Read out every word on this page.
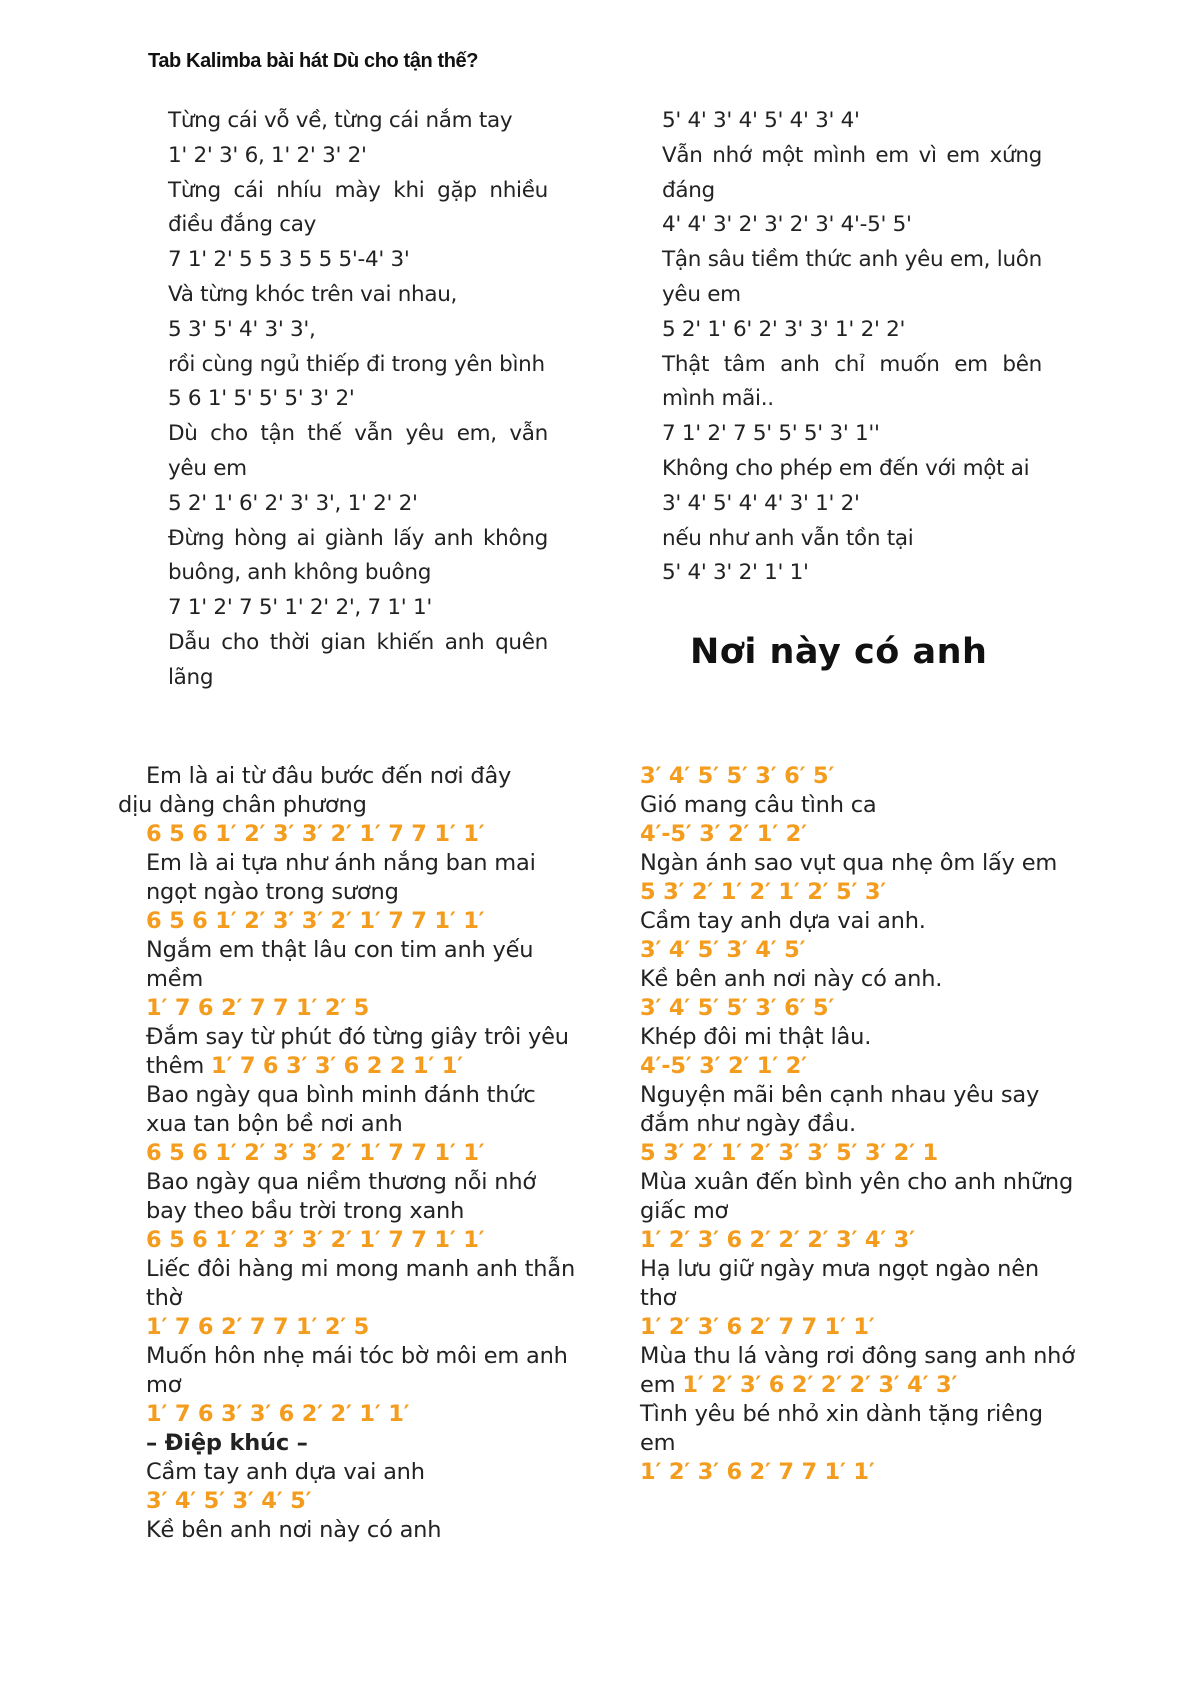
Tab Kalimba bài hát Dù cho tận thế?
Từng cái vỗ về, từng cái nắm tay
1' 2' 3' 6, 1' 2' 3' 2'
Từng cái nhíu mày khi gặp nhiều điều đắng cay
7 1' 2' 5 5 3 5 5 5'-4' 3'
Và từng khóc trên vai nhau,
5 3' 5' 4' 3' 3',
rồi cùng ngủ thiếp đi trong yên bình
5 6 1' 5' 5' 5' 3' 2'
Dù cho tận thế vẫn yêu em, vẫn yêu em
5 2' 1' 6' 2' 3' 3', 1' 2' 2'
Đừng hòng ai giành lấy anh không buông, anh không buông
7 1' 2' 7 5' 1' 2' 2', 7 1' 1'
Dẫu cho thời gian khiến anh quên lãng
5' 4' 3' 4' 5' 4' 3' 4'
Vẫn nhớ một mình em vì em xứng đáng
4' 4' 3' 2' 3' 2' 3' 4'-5' 5'
Tận sâu tiềm thức anh yêu em, luôn yêu em
5 2' 1' 6' 2' 3' 3' 1' 2' 2'
Thật tâm anh chỉ muốn em bên mình mãi..
7 1' 2' 7 5' 5' 5' 3' 1''
Không cho phép em đến với một ai
3' 4' 5' 4' 4' 3' 1' 2'
nếu như anh vẫn tồn tại
5' 4' 3' 2' 1' 1'
Nơi này có anh
Em là ai từ đâu bước đến nơi đây
dịu dàng chân phương
6 5 6 1′ 2′ 3′ 3′ 2′ 1′ 7 7 1′ 1′
Em là ai tựa như ánh nắng ban mai ngọt ngào trong sương
6 5 6 1′ 2′ 3′ 3′ 2′ 1′ 7 7 1′ 1′
Ngắm em thật lâu con tim anh yếu mềm
1′ 7 6 2′ 7 7 1′ 2′ 5
Đắm say từ phút đó từng giây trôi yêu thêm 1′ 7 6 3′ 3′ 6 2 2 1′ 1′
Bao ngày qua bình minh đánh thức xua tan bộn bề nơi anh
6 5 6 1′ 2′ 3′ 3′ 2′ 1′ 7 7 1′ 1′
Bao ngày qua niềm thương nỗi nhớ bay theo bầu trời trong xanh
6 5 6 1′ 2′ 3′ 3′ 2′ 1′ 7 7 1′ 1′
Liếc đôi hàng mi mong manh anh thẫn thờ
1′ 7 6 2′ 7 7 1′ 2′ 5
Muốn hôn nhẹ mái tóc bờ môi em anh mơ
1′ 7 6 3′ 3′ 6 2′ 2′ 1′ 1′
– Điệp khúc –
Cầm tay anh dựa vai anh
3′ 4′ 5′ 3′ 4′ 5′
Kề bên anh nơi này có anh
3′ 4′ 5′ 5′ 3′ 6′ 5′
Gió mang câu tình ca
4′-5′ 3′ 2′ 1′ 2′
Ngàn ánh sao vụt qua nhẹ ôm lấy em
5 3′ 2′ 1′ 2′ 1′ 2′ 5′ 3′
Cầm tay anh dựa vai anh.
3′ 4′ 5′ 3′ 4′ 5′
Kề bên anh nơi này có anh.
3′ 4′ 5′ 5′ 3′ 6′ 5′
Khép đôi mi thật lâu.
4′-5′ 3′ 2′ 1′ 2′
Nguyện mãi bên cạnh nhau yêu say đắm như ngày đầu.
5 3′ 2′ 1′ 2′ 3′ 3′ 5′ 3′ 2′ 1
Mùa xuân đến bình yên cho anh những giấc mơ
1′ 2′ 3′ 6 2′ 2′ 2′ 3′ 4′ 3′
Hạ lưu giữ ngày mưa ngọt ngào nên thơ
1′ 2′ 3′ 6 2′ 7 7 1′ 1′
Mùa thu lá vàng rơi đông sang anh nhớ em 1′ 2′ 3′ 6 2′ 2′ 2′ 3′ 4′ 3′
Tình yêu bé nhỏ xin dành tặng riêng em
1′ 2′ 3′ 6 2′ 7 7 1′ 1′
